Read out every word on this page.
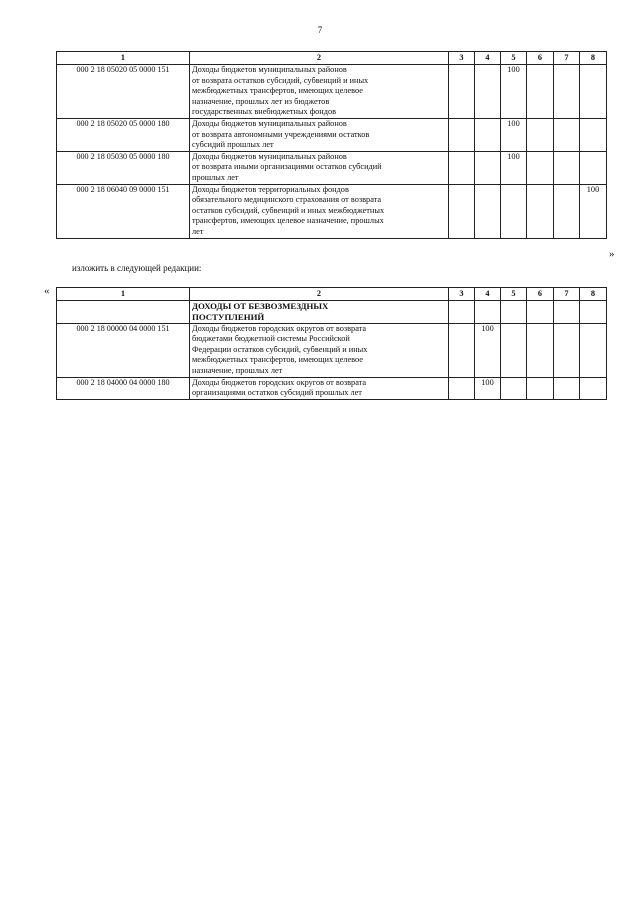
7
1	2	3	4	5	6	7	8
000 2 18 05020 05 0000 151	Доходы бюджетов муниципальных районов
от возврата остатков субсидий, субвенций и иных
межбюджетных трансфертов, имеющих целевое
назначение, прошлых лет из бюджетов
государственных внебюджетных фондов			100			
000 2 18 05020 05 0000 180	Доходы бюджетов муниципальных районов
от возврата автономными учреждениями остатков
субсидий прошлых лет			100			
000 2 18 05030 05 0000 180	Доходы бюджетов муниципальных районов
от возврата иными организациями остатков субсидий
прошлых лет			100			
000 2 18 06040 09 0000 151	Доходы бюджетов территориальных фондов
обязательного медицинского страхования от возврата
остатков субсидий, субвенций и иных межбюджетных
трансфертов, имеющих целевое назначение, прошлых
лет						100
»
изложить в следующей редакции:
«	1	2	3	4	5	6	7	8

	ДОХОДЫ ОТ БЕЗВОЗМЕЗДНЫХ
ПОСТУПЛЕНИЙ						

000 2 18 00000 04 0000 151	Доходы бюджетов городских округов от возврата
бюджетами бюджетной системы Российской
Федерации остатков субсидий, субвенций и иных
межбюджетных трансфертов, имеющих целевое
назначение, прошлых лет		100				
000 2 18 04000 04 0000 180	Доходы бюджетов городских округов от возврата
организациями остатков субсидий прошлых лет		100				
